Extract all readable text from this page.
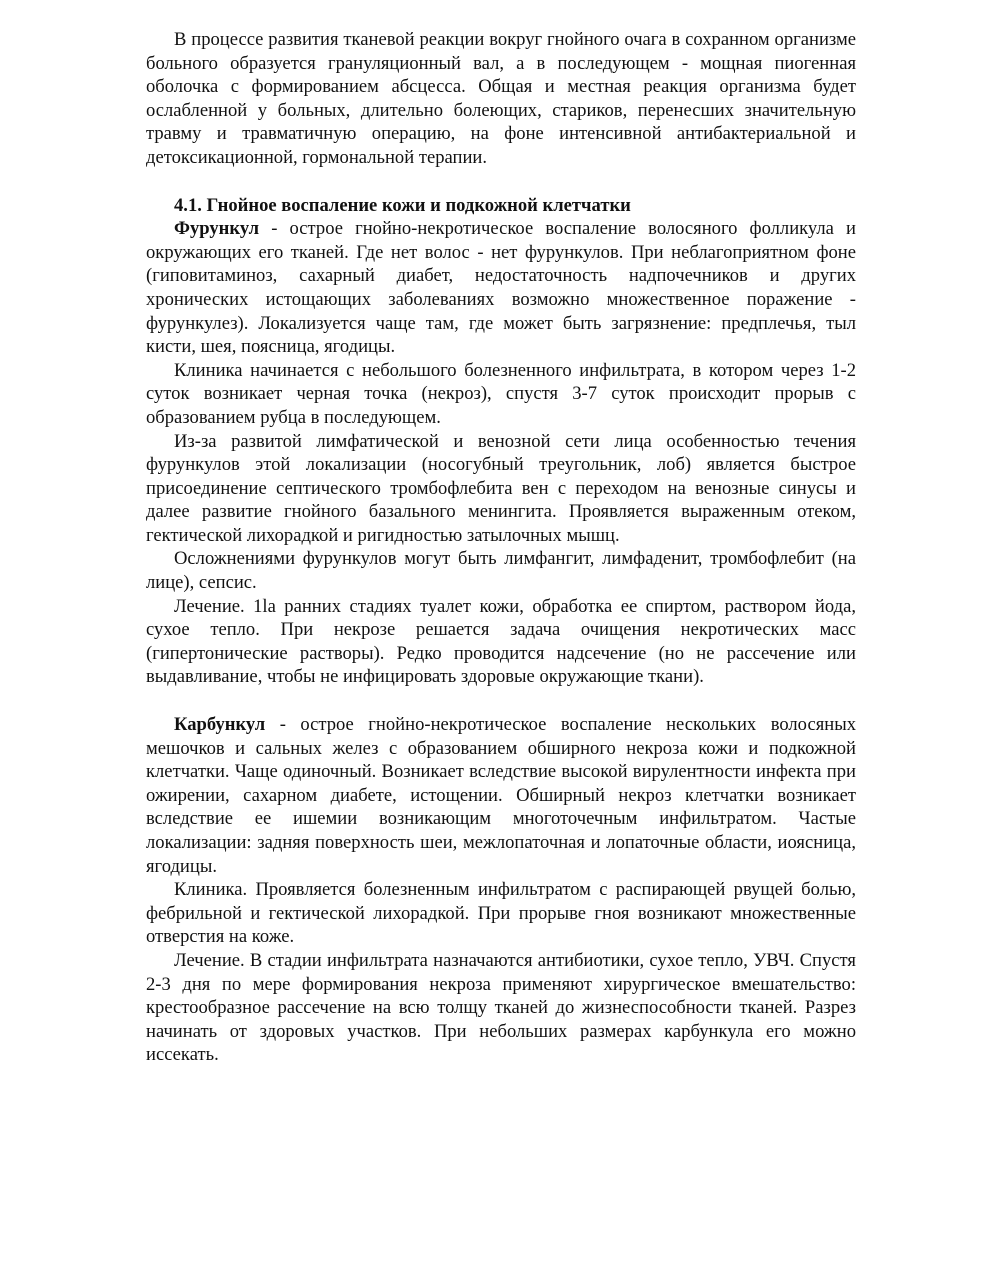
В процессе развития тканевой реакции вокруг гнойного очага в сохранном организме больного образуется грануляционный вал, а в последующем - мощная пиогенная оболочка с формированием абсцесса. Общая и местная реакция организма будет ослабленной у больных, длительно болеющих, стариков, перенесших значительную травму и травматичную операцию, на фоне интенсивной антибактериальной и детоксикационной, гормональной терапии.

4.1. Гнойное воспаление кожи и подкожной клетчатки

Фурункул - острое гнойно-некротическое воспаление волосяного фолликула и окружающих его тканей. Где нет волос - нет фурункулов. При неблагоприятном фоне (гиповитаминоз, сахарный диабет, недостаточность надпочечников и других хронических истощающих заболеваниях возможно множественное поражение - фурункулез). Локализуется чаще там, где может быть загрязнение: предплечья, тыл кисти, шея, поясница, ягодицы.

Клиника начинается с небольшого болезненного инфильтрата, в котором через 1-2 суток возникает черная точка (некроз), спустя 3-7 суток происходит прорыв с образованием рубца в последующем.

Из-за развитой лимфатической и венозной сети лица особенностью течения фурункулов этой локализации (носогубный треугольник, лоб) является быстрое присоединение септического тромбофлебита вен с переходом на венозные синусы и далее развитие гнойного базального менингита. Проявляется выраженным отеком, гектической лихорадкой и ригидностью затылочных мышц.

Осложнениями фурункулов могут быть лимфангит, лимфаденит, тромбофлебит (на лице), сепсис.

Лечение. 1la ранних стадиях туалет кожи, обработка ее спиртом, раствором йода, сухое тепло. При некрозе решается задача очищения некротических масс (гипертонические растворы). Редко проводится надсечение (но не рассечение или выдавливание, чтобы не инфицировать здоровые окружающие ткани).

Карбункул - острое гнойно-некротическое воспаление нескольких волосяных мешочков и сальных желез с образованием обширного некроза кожи и подкожной клетчатки. Чаще одиночный. Возникает вследствие высокой вирулентности инфекта при ожирении, сахарном диабете, истощении. Обширный некроз клетчатки возникает вследствие ее ишемии возникающим многоточечным инфильтратом. Частые локализации: задняя поверхность шеи, межлопаточная и лопаточные области, иоясница, ягодицы.

Клиника. Проявляется болезненным инфильтратом с распирающей рвущей болью, фебрильной и гектической лихорадкой. При прорыве гноя возникают множественные отверстия на коже.

Лечение. В стадии инфильтрата назначаются антибиотики, сухое тепло, УВЧ. Спустя 2-3 дня по мере формирования некроза применяют хирургическое вмешательство: крестообразное рассечение на всю толщу тканей до жизнеспособности тканей. Разрез начинать от здоровых участков. При небольших размерах карбункула его можно иссекать.
